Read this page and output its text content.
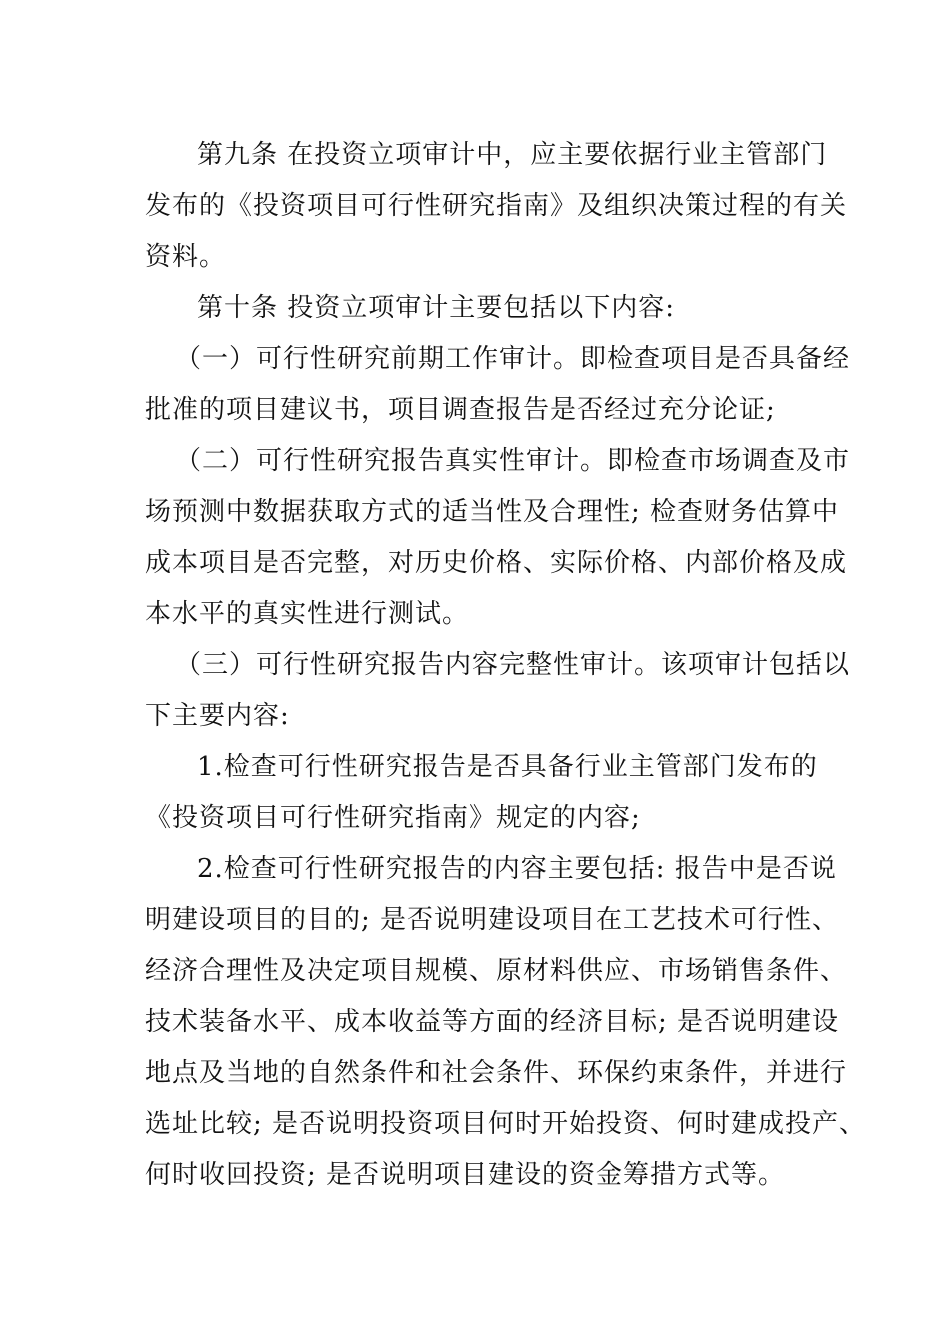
第九条 在投资立项审计中，应主要依据行业主管部门
发布的《投资项目可行性研究指南》及组织决策过程的有关
资料。
第十条 投资立项审计主要包括以下内容:
（一）可行性研究前期工作审计。即检查项目是否具备经
批准的项目建议书，项目调查报告是否经过充分论证;
（二）可行性研究报告真实性审计。即检查市场调查及市
场预测中数据获取方式的适当性及合理性; 检查财务估算中
成本项目是否完整，对历史价格、实际价格、内部价格及成
本水平的真实性进行测试。
（三）可行性研究报告内容完整性审计。该项审计包括以
下主要内容:
1.检查可行性研究报告是否具备行业主管部门发布的
《投资项目可行性研究指南》规定的内容;
2.检查可行性研究报告的内容主要包括: 报告中是否说
明建设项目的目的; 是否说明建设项目在工艺技术可行性、
经济合理性及决定项目规模、原材料供应、市场销售条件、
技术装备水平、成本收益等方面的经济目标; 是否说明建设
地点及当地的自然条件和社会条件、环保约束条件，并进行
选址比较; 是否说明投资项目何时开始投资、何时建成投产、
何时收回投资; 是否说明项目建设的资金筹措方式等。
